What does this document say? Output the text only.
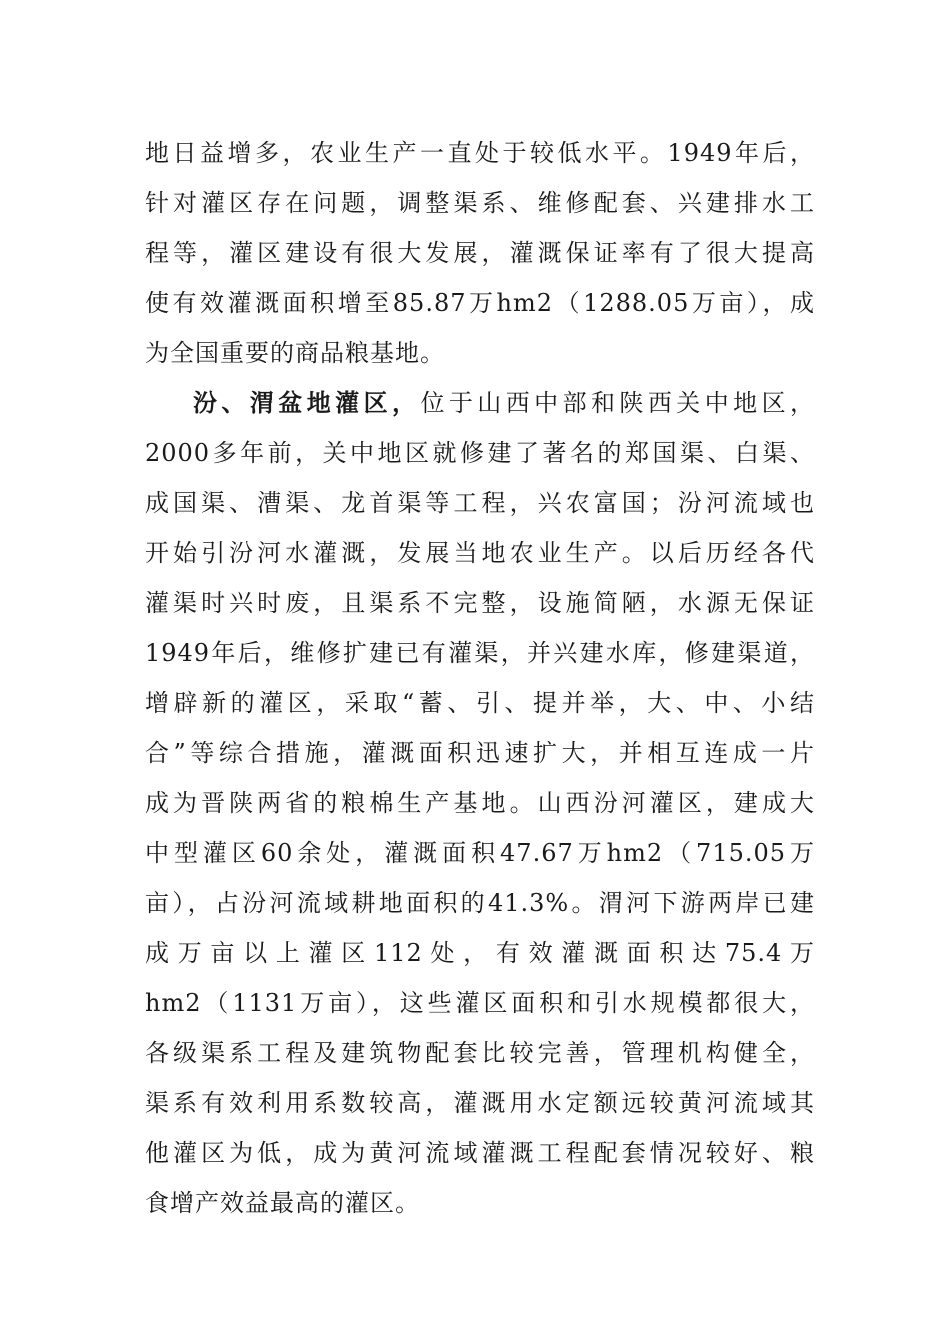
地日益增多，农业生产一直处于较低水平。1949年后，
针对灌区存在问题，调整渠系、维修配套、兴建排水工
程等，灌区建设有很大发展，灌溉保证率有了很大提高
使有效灌溉面积增至85.87万hm2（1288.05万亩），成
为全国重要的商品粮基地。
汾、渭盆地灌区，位于山西中部和陕西关中地区，
2000多年前，关中地区就修建了著名的郑国渠、白渠、
成国渠、漕渠、龙首渠等工程，兴农富国；汾河流域也
开始引汾河水灌溉，发展当地农业生产。以后历经各代
灌渠时兴时废，且渠系不完整，设施简陋，水源无保证
1949年后，维修扩建已有灌渠，并兴建水库，修建渠道，
增辟新的灌区，采取“蓄、引、提并举，大、中、小结
合”等综合措施，灌溉面积迅速扩大，并相互连成一片
成为晋陕两省的粮棉生产基地。山西汾河灌区，建成大
中型灌区60余处，灌溉面积47.67万hm2（715.05万
亩），占汾河流域耕地面积的41.3%。渭河下游两岸已建
成万亩以上灌区112处，有效灌溉面积达75.4万
hm2（1131万亩），这些灌区面积和引水规模都很大，
各级渠系工程及建筑物配套比较完善，管理机构健全，
渠系有效利用系数较高，灌溉用水定额远较黄河流域其
他灌区为低，成为黄河流域灌溉工程配套情况较好、粮
食增产效益最高的灌区。
